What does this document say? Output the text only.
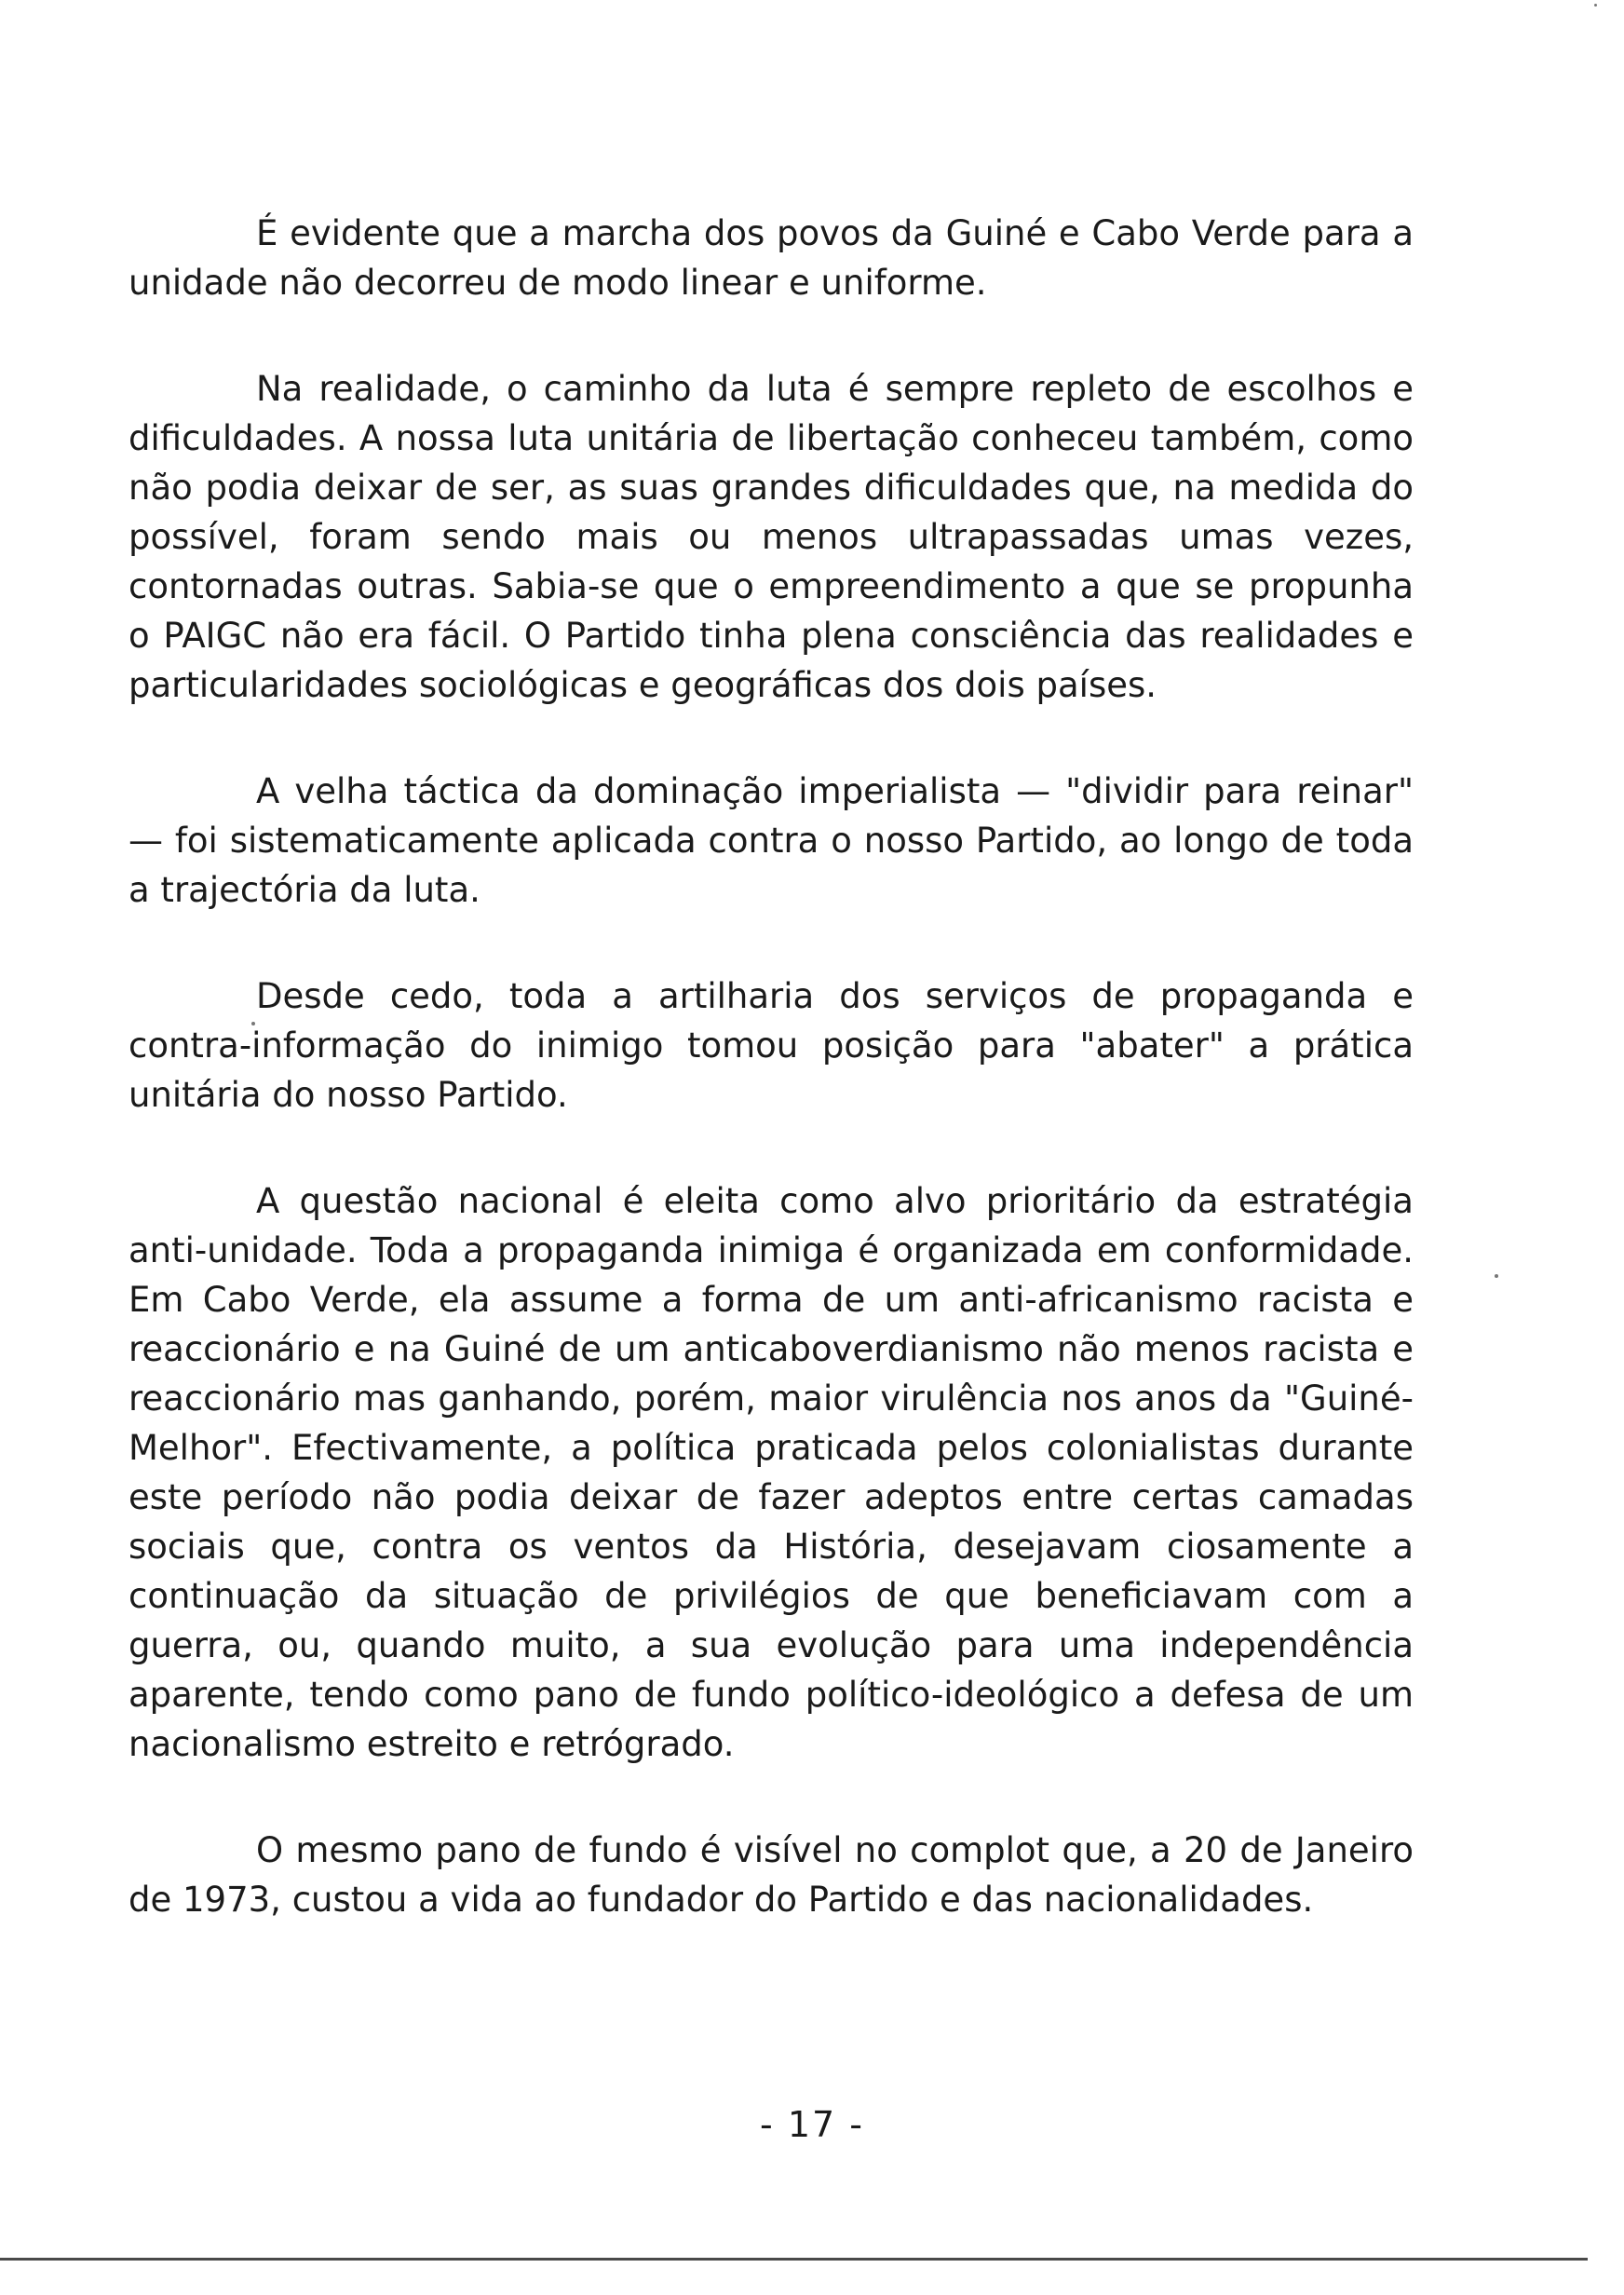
É evidente que a marcha dos povos da Guiné e Cabo Verde para a unidade não decorreu de modo linear e uniforme.

Na realidade, o caminho da luta é sempre repleto de escolhos e dificuldades. A nossa luta unitária de libertação conheceu também, como não podia deixar de ser, as suas grandes dificuldades que, na medida do possível, foram sendo mais ou menos ultrapassadas umas vezes, contornadas outras. Sabia-se que o empreendimento a que se propunha o PAIGC não era fácil. O Partido tinha plena consciência das realidades e particularidades sociológicas e geográficas dos dois países.

A velha táctica da dominação imperialista — "dividir para reinar" — foi sistematicamente aplicada contra o nosso Partido, ao longo de toda a trajectória da luta.

Desde cedo, toda a artilharia dos serviços de propaganda e contra-informação do inimigo tomou posição para "abater" a prática unitária do nosso Partido.

A questão nacional é eleita como alvo prioritário da estratégia anti-unidade. Toda a propaganda inimiga é organizada em conformidade. Em Cabo Verde, ela assume a forma de um anti-africanismo racista e reaccionário e na Guiné de um anticaboverdianismo não menos racista e reaccionário mas ganhando, porém, maior virulência nos anos da "Guiné-Melhor". Efectivamente, a política praticada pelos colonialistas durante este período não podia deixar de fazer adeptos entre certas camadas sociais que, contra os ventos da História, desejavam ciosamente a continuação da situação de privilégios de que beneficiavam com a guerra, ou, quando muito, a sua evolução para uma independência aparente, tendo como pano de fundo político-ideológico a defesa de um nacionalismo estreito e retrógrado.

O mesmo pano de fundo é visível no complot que, a 20 de Janeiro de 1973, custou a vida ao fundador do Partido e das nacionalidades.

- 17 -
